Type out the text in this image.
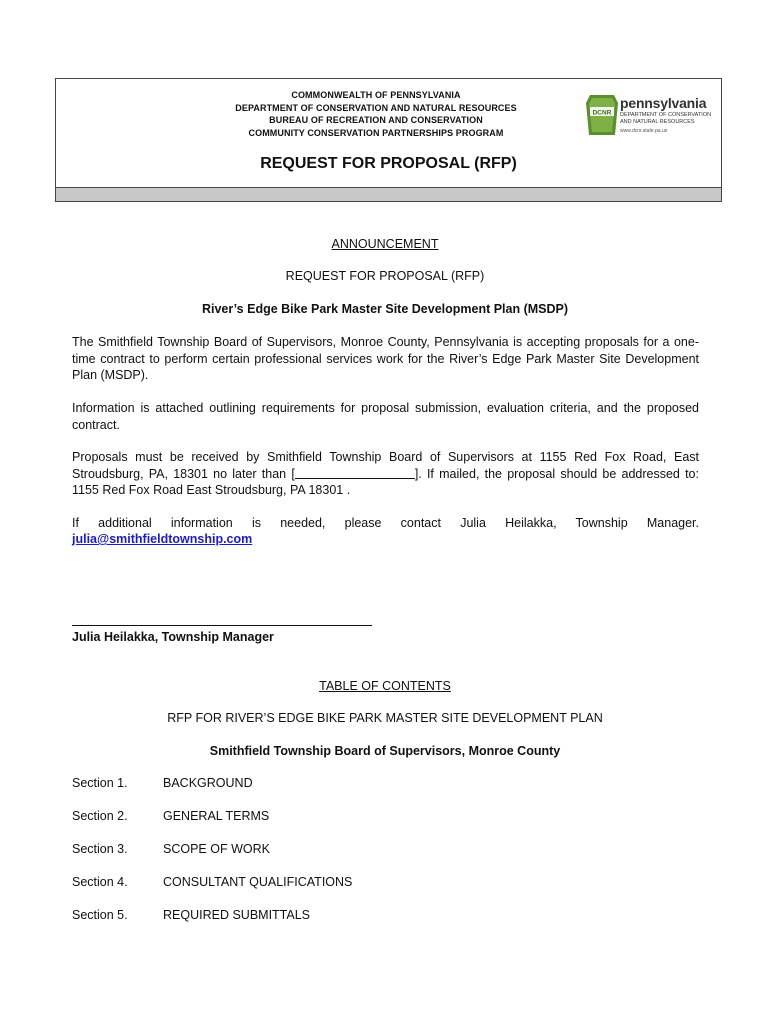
COMMONWEALTH OF PENNSYLVANIA
DEPARTMENT OF CONSERVATION AND NATURAL RESOURCES
BUREAU OF RECREATION AND CONSERVATION
COMMUNITY CONSERVATION PARTNERSHIPS PROGRAM
DCNR
pennsylvania
DEPARTMENT OF CONSERVATION
AND NATURAL RESOURCES
www.dcnr.state.pa.us
REQUEST FOR PROPOSAL (RFP)
ANNOUNCEMENT
REQUEST FOR PROPOSAL (RFP)
River’s Edge Bike Park Master Site Development Plan (MSDP)
The Smithfield Township Board of Supervisors, Monroe County, Pennsylvania is accepting proposals for a one-time contract to perform certain professional services work for the River’s Edge Park Master Site Development Plan (MSDP).
Information is attached outlining requirements for proposal submission, evaluation criteria, and the proposed contract.
Proposals must be received by Smithfield Township Board of Supervisors at 1155 Red Fox Road, East Stroudsburg, PA, 18301 no later than [	]. If mailed, the proposal should be addressed to: 1155 Red Fox Road East Stroudsburg, PA 18301 .
If additional information is needed, please contact Julia Heilakka, Township Manager.
julia@smithfieldtownship.com
Julia Heilakka, Township Manager
TABLE OF CONTENTS
RFP FOR RIVER’S EDGE BIKE PARK MASTER SITE DEVELOPMENT PLAN
Smithfield Township Board of Supervisors, Monroe County
Section 1.	BACKGROUND
Section 2.	GENERAL TERMS
Section 3.	SCOPE OF WORK
Section 4.	CONSULTANT QUALIFICATIONS
Section 5.	REQUIRED SUBMITTALS
